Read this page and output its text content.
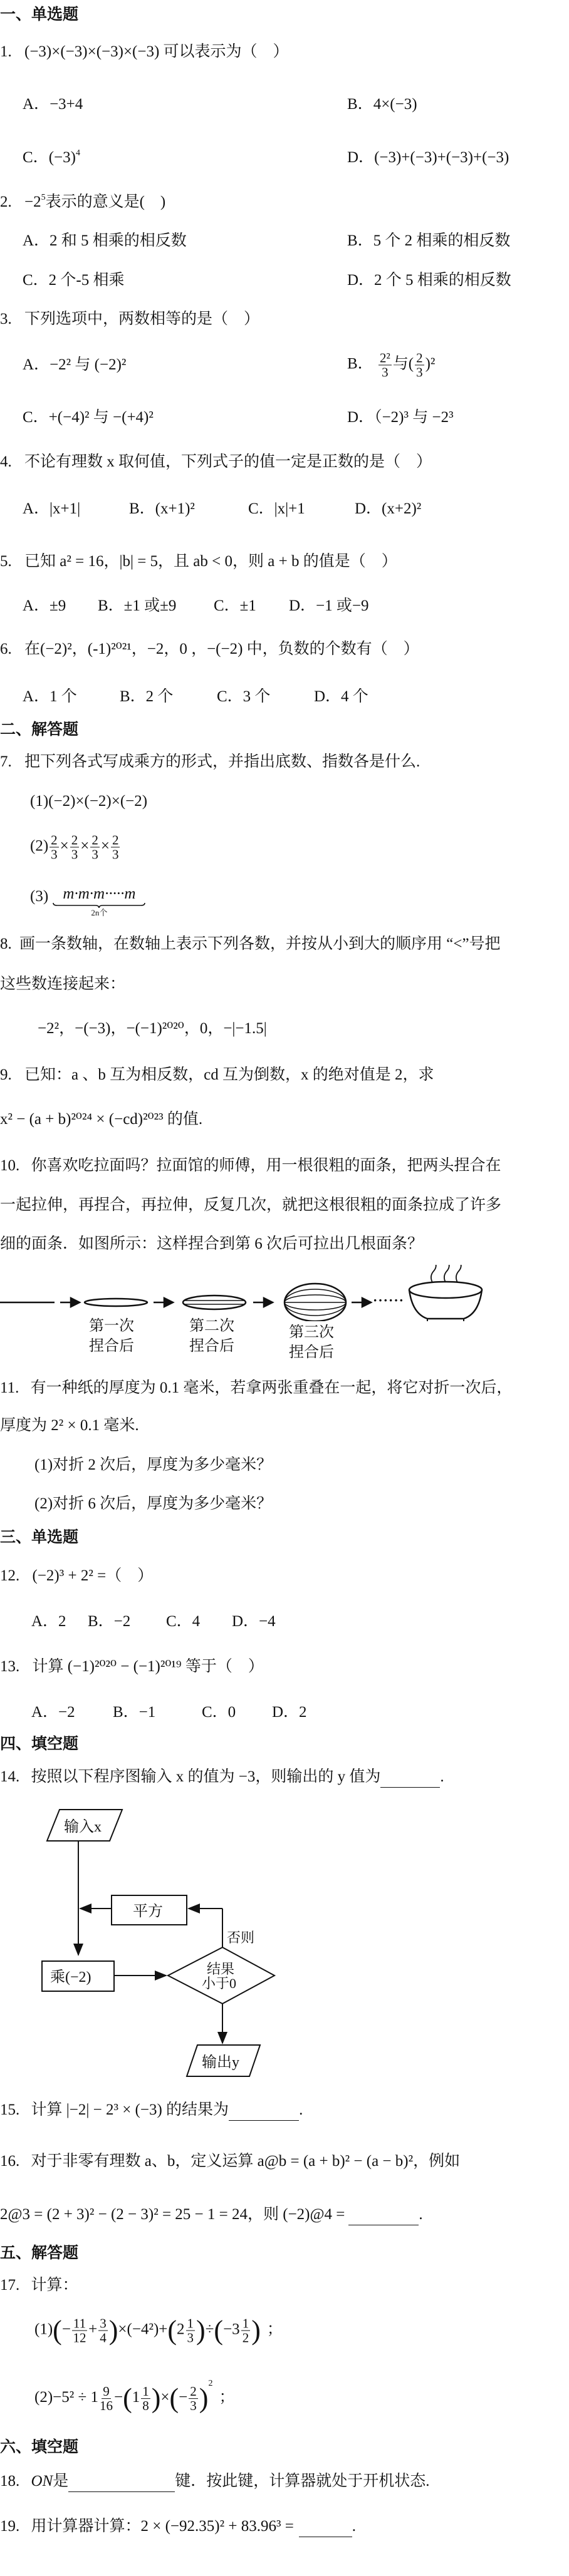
一、单选题
1. (−3)×(−3)×(−3)×(−3) 可以表示为（　）
A．−3+4	B．4×(−3)
C．$(-3)^4$	D．(−3)+(−3)+(−3)+(−3)
2. $-2^5$表示的意义是(　)
A．2 和 5 相乘的相反数	B．5 个 2 相乘的相反数
C．2 个-5 相乘	D．2 个 5 相乘的相反数
3. 下列选项中，两数相等的是（　）
A．−2² 与 (−2)²	B． $\frac{\text{2²}}{3}$ 与( $\frac{2}{3} )^2$
C．+(−4)² 与 −(+4)²	D．（−2)³ 与 −2³
4. 不论有理数 x 取何值，下列式子的值一定是正数的是（　）
A．|x+1|	B．(x+1)²	C．|x|+1	D．(x+2)²
5. 已知 a² = 16，|b| = 5，且 ab < 0，则 a + b 的值是（　）
A．±9 B．±1 或±9 C．±1 D．−1 或−9
6. 在(−2)²，(-1)²⁰²¹，−2，0 ，−(−2) 中，负数的个数有（　）
A．1 个	B．2 个	C．3 个	D．4 个
二、解答题
7. 把下列各式写成乘方的形式，并指出底数、指数各是什么.
(1)(−2)×(−2)×(−2)
$(2) \frac{2}{3} \times \frac{2}{3} \times \frac{2}{3} \times \frac{2}{3}$
(3) m·m·m·····m
2n个
8. 画一条数轴，在数轴上表示下列各数，并按从小到大的顺序用 “<”号把
这些数连接起来：
−2²，−(−3)，−(−1)²⁰²⁰，0，−|−1.5|
9. 已知：a 、b 互为相反数，cd 互为倒数，x 的绝对值是 2，求
x² − (a + b)²⁰²⁴ × (−cd)²⁰²³ 的值.
10. 你喜欢吃拉面吗？拉面馆的师傅，用一根很粗的面条，把两头捏合在
一起拉伸，再捏合，再拉伸，反复几次，就把这根很粗的面条拉成了许多
细的面条．如图所示：这样捏合到第 6 次后可拉出几根面条？
······
第一次
捏合后
第二次
捏合后
第三次
捏合后
11. 有一种纸的厚度为 0.1 毫米，若拿两张重叠在一起，将它对折一次后，
厚度为 2² × 0.1 毫米.
(1)对折 2 次后，厚度为多少毫米？
(2)对折 6 次后，厚度为多少毫米？
三、单选题
12. (−2)³ + 2² =（　）
A．2 B．−2 C．4 D．−4
13. 计算 (−1)²⁰²⁰ − (−1)²⁰¹⁹ 等于（　）
A．−2 B．−1	C．0 D．2
四、填空题
14. 按照以下程序图输入 x 的值为 −3，则输出的 y 值为	.
输入x
平方
乘(−2)
结果
小于0
否则
输出y
15. 计算 |−2| − 2³ × (−3) 的结果为	.
16. 对于非零有理数 a、b，定义运算 a@b = (a + b)² − (a − b)²，例如
2@3 = (2 + 3)² − (2 − 3)² = 25 − 1 = 24，则 (−2)@4 =	.
五、解答题
17. 计算：
$(1)(- \frac{11}{12} + \frac{3}{4} )\times(-4^2)+(2 \frac{1}{3} )\div(-3 \frac{1}{2}$ ) ；
$(2)-5^2 \div 1 \frac{9}{16} -(1 \frac{1}{8}$ )×(− $\frac{2}{3} )^2$；
六、填空题
18. ON是	键．按此键，计算器就处于开机状态.
19. 用计算器计算：2 × (−92.35)² + 83.96³ =	.
